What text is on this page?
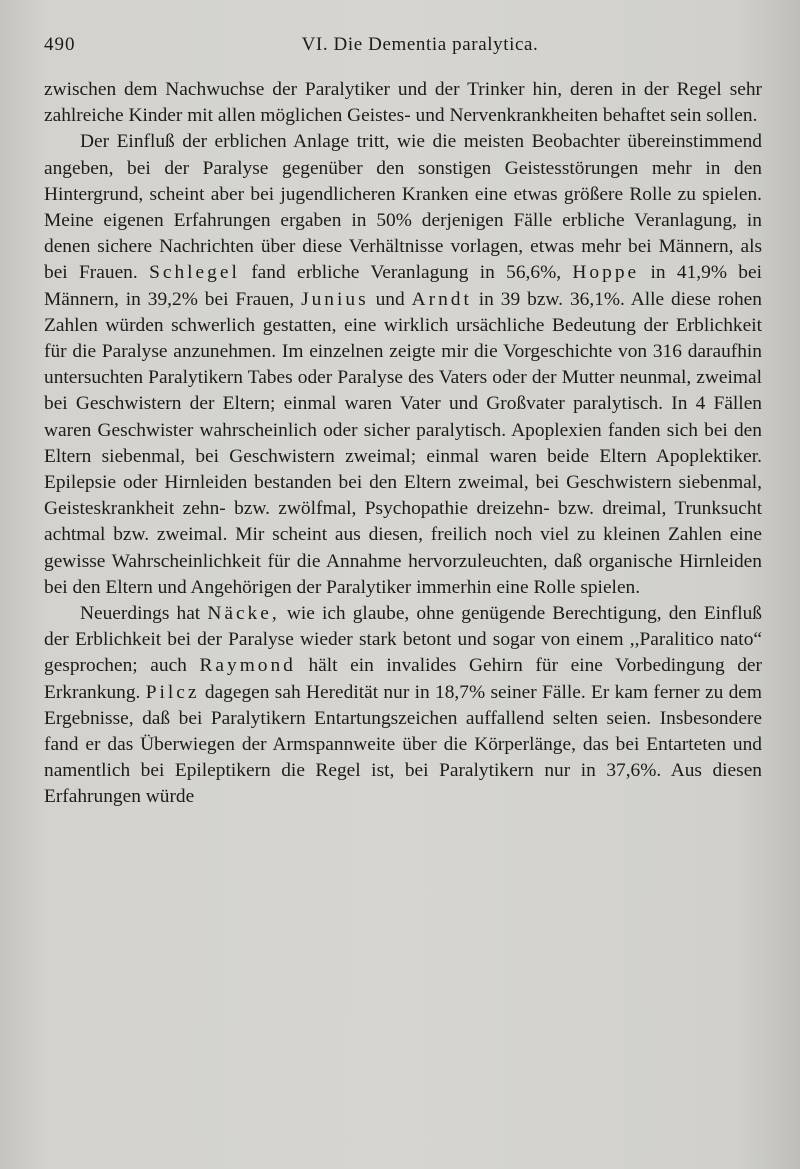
490	VI. Die Dementia paralytica.

zwischen dem Nachwuchse der Paralytiker und der Trinker hin, deren in der Regel sehr zahlreiche Kinder mit allen möglichen Geistes- und Nervenkrankheiten behaftet sein sollen.

Der Einfluß der erblichen Anlage tritt, wie die meisten Beobachter übereinstimmend angeben, bei der Paralyse gegenüber den sonstigen Geistesstörungen mehr in den Hintergrund, scheint aber bei jugendlicheren Kranken eine etwas größere Rolle zu spielen. Meine eigenen Erfahrungen ergaben in 50% derjenigen Fälle erbliche Veranlagung, in denen sichere Nachrichten über diese Verhältnisse vorlagen, etwas mehr bei Männern, als bei Frauen. Schlegel fand erbliche Veranlagung in 56,6%, Hoppe in 41,9% bei Männern, in 39,2% bei Frauen, Junius und Arndt in 39 bzw. 36,1%. Alle diese rohen Zahlen würden schwerlich gestatten, eine wirklich ursächliche Bedeutung der Erblichkeit für die Paralyse anzunehmen. Im einzelnen zeigte mir die Vorgeschichte von 316 daraufhin untersuchten Paralytikern Tabes oder Paralyse des Vaters oder der Mutter neunmal, zweimal bei Geschwistern der Eltern; einmal waren Vater und Großvater paralytisch. In 4 Fällen waren Geschwister wahrscheinlich oder sicher paralytisch. Apoplexien fanden sich bei den Eltern siebenmal, bei Geschwistern zweimal; einmal waren beide Eltern Apoplektiker. Epilepsie oder Hirnleiden bestanden bei den Eltern zweimal, bei Geschwistern siebenmal, Geisteskrankheit zehn- bzw. zwölfmal, Psychopathie dreizehn- bzw. dreimal, Trunksucht achtmal bzw. zweimal. Mir scheint aus diesen, freilich noch viel zu kleinen Zahlen eine gewisse Wahrscheinlichkeit für die Annahme hervorzuleuchten, daß organische Hirnleiden bei den Eltern und Angehörigen der Paralytiker immerhin eine Rolle spielen.

Neuerdings hat Näcke, wie ich glaube, ohne genügende Berechtigung, den Einfluß der Erblichkeit bei der Paralyse wieder stark betont und sogar von einem ,,Paralitico nato“ gesprochen; auch Raymond hält ein invalides Gehirn für eine Vorbedingung der Erkrankung. Pilcz dagegen sah Heredität nur in 18,7% seiner Fälle. Er kam ferner zu dem Ergebnisse, daß bei Paralytikern Entartungszeichen auffallend selten seien. Insbesondere fand er das Überwiegen der Armspannweite über die Körperlänge, das bei Entarteten und namentlich bei Epileptikern die Regel ist, bei Paralytikern nur in 37,6%. Aus diesen Erfahrungen würde
